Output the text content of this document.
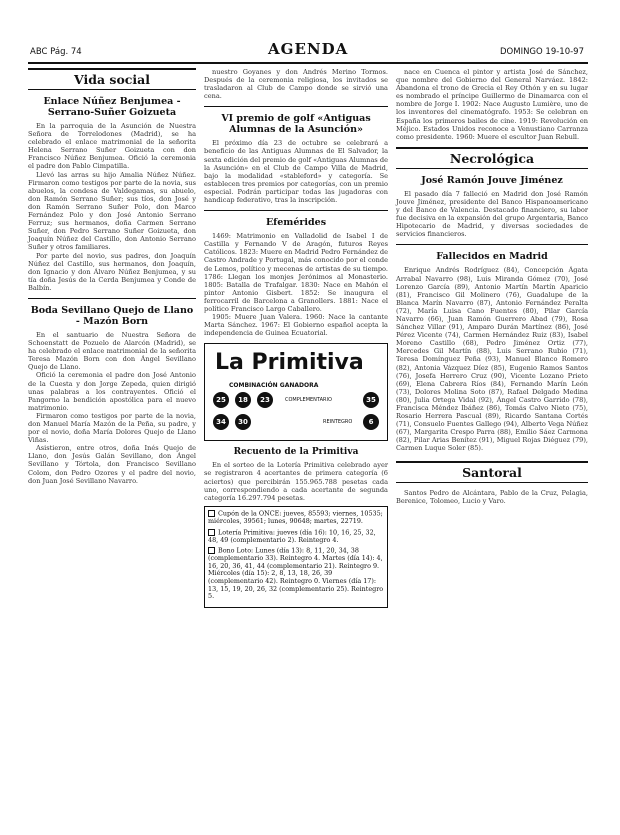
ABC Pág. 74	AGENDA	DOMINGO 19-10-97
Vida social
Enlace Núñez Benjumea - Serrano-Suñer Goizueta

En la parroquia de la Asunción de Nuestra Señora de Torrelodones (Madrid), se ha celebrado el enlace matrimonial de la señorita Helena Serrano Suñer Goizueta con don Francisco Núñez Benjumea. Ofició la ceremonia el padre don Pablo Cimpatilla.

Llevó las arras su hijo Amalia Núñez Núñez. Firmaron como testigos por parte de la novia, sus abuelos, la condesa de Valdegamas, su abuelo, don Ramón Serrano Suñer; sus tíos, don José y don Ramón Serrano Suñer Polo, don Marco Fernández Polo y don José Antonio Serrano Ferruz; sus hermanos, doña Carmen Serrano Suñer, don Pedro Serrano Suñer Goizueta, don Joaquín Núñez del Castillo, don Antonio Serrano Suñer y otros familiares.

Por parte del novio, sus padres, don Joaquín Núñez del Castillo, sus hermanos, don Joaquín, don Ignacio y don Álvaro Núñez Benjumea, y su tía doña Jesús de la Cerda Benjumea y Conde de Balbín.

Boda Sevillano Quejo de Llano - Mazón Born

En el santuario de Nuestra Señora de Schoenstatt de Pozuelo de Alarcón (Madrid), se ha celebrado el enlace matrimonial de la señorita Teresa Mazón Born con don Ángel Sevillano Quejo de Llano.

Ofició la ceremonia el padre don José Antonio de la Cuesta y don Jorge Zepeda, quien dirigió unas palabras a los contrayentes. Ofició el Pangorno la bendición apostólica para el nuevo matrimonio.

Firmaron como testigos por parte de la novia, don Manuel María Mazón de la Peña, su padre, y por el novio, doña María Dolores Quejo de Llano Viñas.

Asistieron, entre otros, doña Inés Quejo de Llano, don Jesús Galán Sevillano, don Ángel Sevillano y Tórtola, don Francisco Sevillano Colom, don Pedro Ozores y el padre del novio, don Juan José Sevillano Navarro.

nuestro Goyanes y don Andrés Merino Tormos. Después de la ceremonia religiosa, los invitados se trasladaron al Club de Campo donde se sirvió una cena.

VI premio de golf «Antiguas Alumnas de la Asunción»

El próximo día 23 de octubre se celebrará a beneficio de las Antiguas Alumnas de El Salvador, la sexta edición del premio de golf «Antiguas Alumnas de la Asunción» en el Club de Campo Villa de Madrid, bajo la modalidad «stableford» y categoría. Se establecen tres premios por categorías, con un premio especial. Podrán participar todas las jugadoras con handicap federativo, tras la inscripción.

Efemérides

1469: Matrimonio en Valladolid de Isabel I de Castilla y Fernando V de Aragón, futuros Reyes Católicos. 1823: Muere en Madrid Pedro Fernández de Castro Andrade y Portugal, más conocido por el conde de Lemos, político y mecenas de artistas de su tiempo. 1786: Llegan los monjes Jerónimos al Monasterio. 1805: Batalla de Trafalgar. 1830: Nace en Mahón el pintor Antonio Gisbert. 1852: Se inaugura el ferrocarril de Barcelona a Granollers. 1881: Nace el político Francisco Largo Caballero.

1905: Muere Juan Valera. 1960: Nace la cantante Marta Sánchez. 1967: El Gobierno español acepta la independencia de Guinea Ecuatorial.

La Primitiva
COMBINACIÓN GANADORA
25	18	23	35
34	30	6
COMPLEMENTARIO
REINTEGRO
Recuento de la Primitiva

En el sorteo de la Lotería Primitiva celebrado ayer se registraron 4 acertantes de primera categoría (6 aciertos) que percibirán 155.965.788 pesetas cada uno, correspondiendo a cada acertante de segunda categoría 16.297.794 pesetas.

Cupón de la ONCE: jueves, 85593; viernes, 10535; miércoles, 39561; lunes, 90648; martes, 22719.
Lotería Primitiva: jueves (día 16): 10, 16, 25, 32, 48, 49 (complementario 2). Reintegro 4.
Bono Loto: Lunes (día 13): 8, 11, 20, 34, 38 (complementario 33). Reintegro 4. Martes (día 14): 4, 16, 20, 36, 41, 44 (complementario 21). Reintegro 9. Miércoles (día 15): 2, 8, 13, 18, 26, 39 (complementario 42). Reintegro 0. Viernes (día 17): 13, 15, 19, 20, 26, 32 (complementario 25). Reintegro 5.

nace en Cuenca el pintor y artista José de Sánchez, que nombre del Gobierno del General Narváez. 1842: Abandona el trono de Grecia el Rey Othón y en su lugar es nombrado el príncipe Guillermo de Dinamarca con el nombre de Jorge I. 1902: Nace Augusto Lumière, uno de los inventores del cinematógrafo. 1953: Se celebran en España los primeros bailes de cine. 1919: Revolución en Méjico. Estados Unidos reconoce a Venustiano Carranza como presidente. 1960: Muere el escultor Juan Rebull.

Necrológica
José Ramón Jouve Jiménez

El pasado día 7 falleció en Madrid don José Ramón Jouve Jiménez, presidente del Banco Hispanoamericano y del Banco de Valencia. Destacado financiero, su labor fue decisiva en la expansión del grupo Argentaria, Banco Hipotecario de Madrid, y diversas sociedades de servicios financieros.

Fallecidos en Madrid

Enrique Andrés Rodríguez (84), Concepción Ágata Arrabal Navarro (98), Luis Miranda Gómez (70), José Lorenzo García (89), Antonio Martín Martín Aparicio (81), Francisco Gil Molinero (76), Guadalupe de la Blanca Marín Navarro (87), Antonio Fernández Peralta (72), María Luisa Cano Fuentes (80), Pilar García Navarro (66), Juan Ramón Guerrero Abad (79), Rosa Sánchez Villar (91), Amparo Durán Martínez (86), José Pérez Vicente (74), Carmen Hernández Ruiz (83), Isabel Moreno Castillo (68), Pedro Jiménez Ortiz (77), Mercedes Gil Martín (88), Luis Serrano Rubio (71), Teresa Domínguez Peña (93), Manuel Blanco Romero (82), Antonia Vázquez Díez (85), Eugenio Ramos Santos (76), Josefa Herrero Cruz (90), Vicente Lozano Prieto (69), Elena Cabrera Ríos (84), Fernando Marín León (73), Dolores Molina Soto (87), Rafael Delgado Medina (80), Julia Ortega Vidal (92), Ángel Castro Garrido (78), Francisca Méndez Ibáñez (86), Tomás Calvo Nieto (75), Rosario Herrera Pascual (89), Ricardo Santana Cortés (71), Consuelo Fuentes Gallego (94), Alberto Vega Núñez (67), Margarita Crespo Parra (88), Emilio Sáez Carmona (82), Pilar Arias Benítez (91), Miguel Rojas Diéguez (79), Carmen Luque Soler (85).

Santoral

Santos Pedro de Alcántara, Pablo de la Cruz, Pelagia, Berenice, Tolomeo, Lucio y Varo.
